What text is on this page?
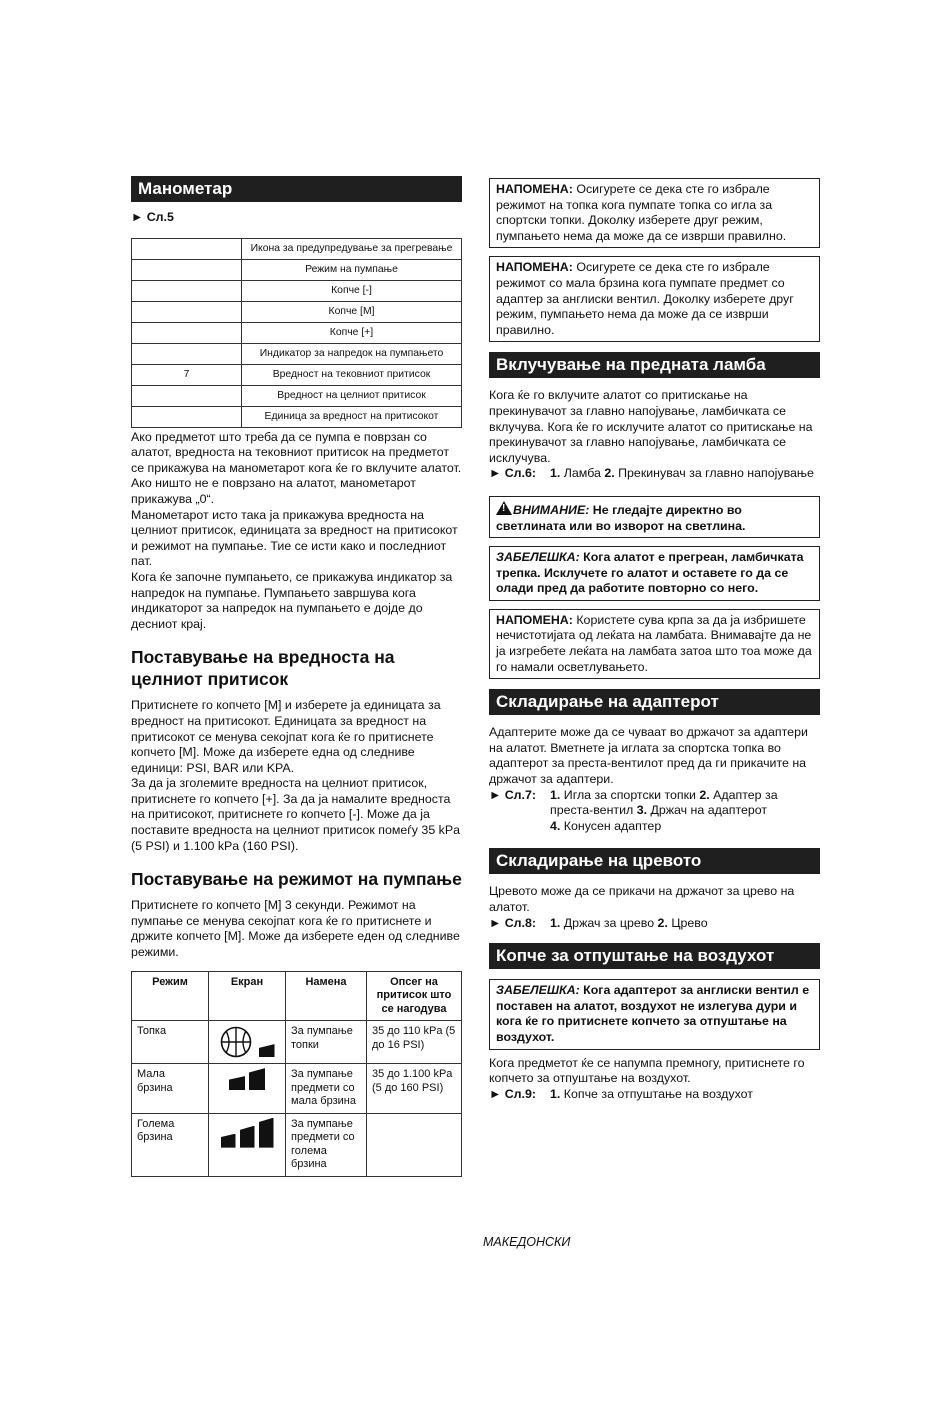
Манометар
► Сл.5
	Икона за предупредување за прегревање
	Режим на пумпање
	Копче [-]
	Копче [M]
	Копче [+]
	Индикатор за напредок на пумпањето
7	Вредност на тековниот притисок
	Вредност на целниот притисок
	Единица за вредност на притисокот

Ако предметот што треба да се пумпа е поврзан со алатот, вредноста на тековниот притисок на предметот се прикажува на манометарот кога ќе го вклучите алатот. Ако ништо не е поврзано на алатот, манометарот прикажува „0“.

Манометарот исто така ја прикажува вредноста на целниот притисок, единицата за вредност на притисокот и режимот на пумпање. Тие се исти како и последниот пат.

Кога ќе започне пумпањето, се прикажува индикатор за напредок на пумпање. Пумпањето завршува кога индикаторот за напредок на пумпањето е дојде до десниот крај.

Поставување на вредноста на целниот притисок

Притиснете го копчето [M] и изберете ја единицата за вредност на притисокот. Единицата за вредност на притисокот се менува секојпат кога ќе го притиснете копчето [M]. Може да изберете една од следниве единици: PSI, BAR или KPA.

За да ја зголемите вредноста на целниот притисок, притиснете го копчето [+]. За да ја намалите вредноста на притисокот, притиснете го копчето [-]. Може да ја поставите вредноста на целниот притисок помеѓу 35 kPa (5 PSI) и 1.100 kPa (160 PSI).

Поставување на режимот на пумпање

Притиснете го копчето [M] 3 секунди. Режимот на пумпање се менува секојпат кога ќе го притиснете и држите копчето [M]. Може да изберете еден од следниве режими.

Режим	Екран	Намена	Опсег на притисок што се нагодува
Топка		За пумпање топки	35 до 110 kPa (5 до 16 PSI)
Мала брзина		За пумпање предмети со мала брзина	35 до 1.100 kPa (5 до 160 PSI)
Голема брзина		За пумпање предмети со голема брзина	
НАПОМЕНА: Осигурете се дека сте го избрале режимот на топка кога пумпате топка со игла за спортски топки. Доколку изберете друг режим, пумпањето нема да може да се изврши правилно.
НАПОМЕНА: Осигурете се дека сте го избрале режимот со мала брзина кога пумпате предмет со адаптер за англиски вентил. Доколку изберете друг режим, пумпањето нема да може да се изврши правилно.
Вклучување на предната ламба

Кога ќе го вклучите алатот со притискање на прекинувачот за главно напојување, ламбичката се вклучува. Кога ќе го исклучите алатот со притискање на прекинувачот за главно напојување, ламбичката се исклучува.

► Сл.6:	1. Ламба 2. Прекинувач за главно напојување
!ВНИМАНИЕ: Не гледајте директно во светлината или во изворот на светлина.
ЗАБЕЛЕШКА: Кога алатот е прегреан, ламбичката трепка. Исклучете го алатот и оставете го да се олади пред да работите повторно со него.
НАПОМЕНА: Користете сува крпа за да ја избришете нечистотијата од леќата на ламбата. Внимавајте да не ја изгребете леќата на ламбата затоа што тоа може да го намали осветлувањето.
Складирање на адаптерот

Адаптерите може да се чуваат во држачот за адаптери на алатот. Вметнете ја иглата за спортска топка во адаптерот за преста-вентилот пред да ги прикачите на држачот за адаптери.

► Сл.7:	1. Игла за спортски топки 2. Адаптер за преста-вентил 3. Држач на адаптерот
4. Конусен адаптер
Складирање на цревото

Цревото може да се прикачи на држачот за црево на алатот.

► Сл.8:	1. Држач за црево 2. Црево
Копче за отпуштање на воздухот
ЗАБЕЛЕШКА: Кога адаптерот за англиски вентил е поставен на алатот, воздухот не излегува дури и кога ќе го притиснете копчето за отпуштање на воздухот.

Кога предметот ќе се напумпа премногу, притиснете го копчето за отпуштање на воздухот.

► Сл.9:	1. Копче за отпуштање на воздухот
МАКЕДОНСКИ
